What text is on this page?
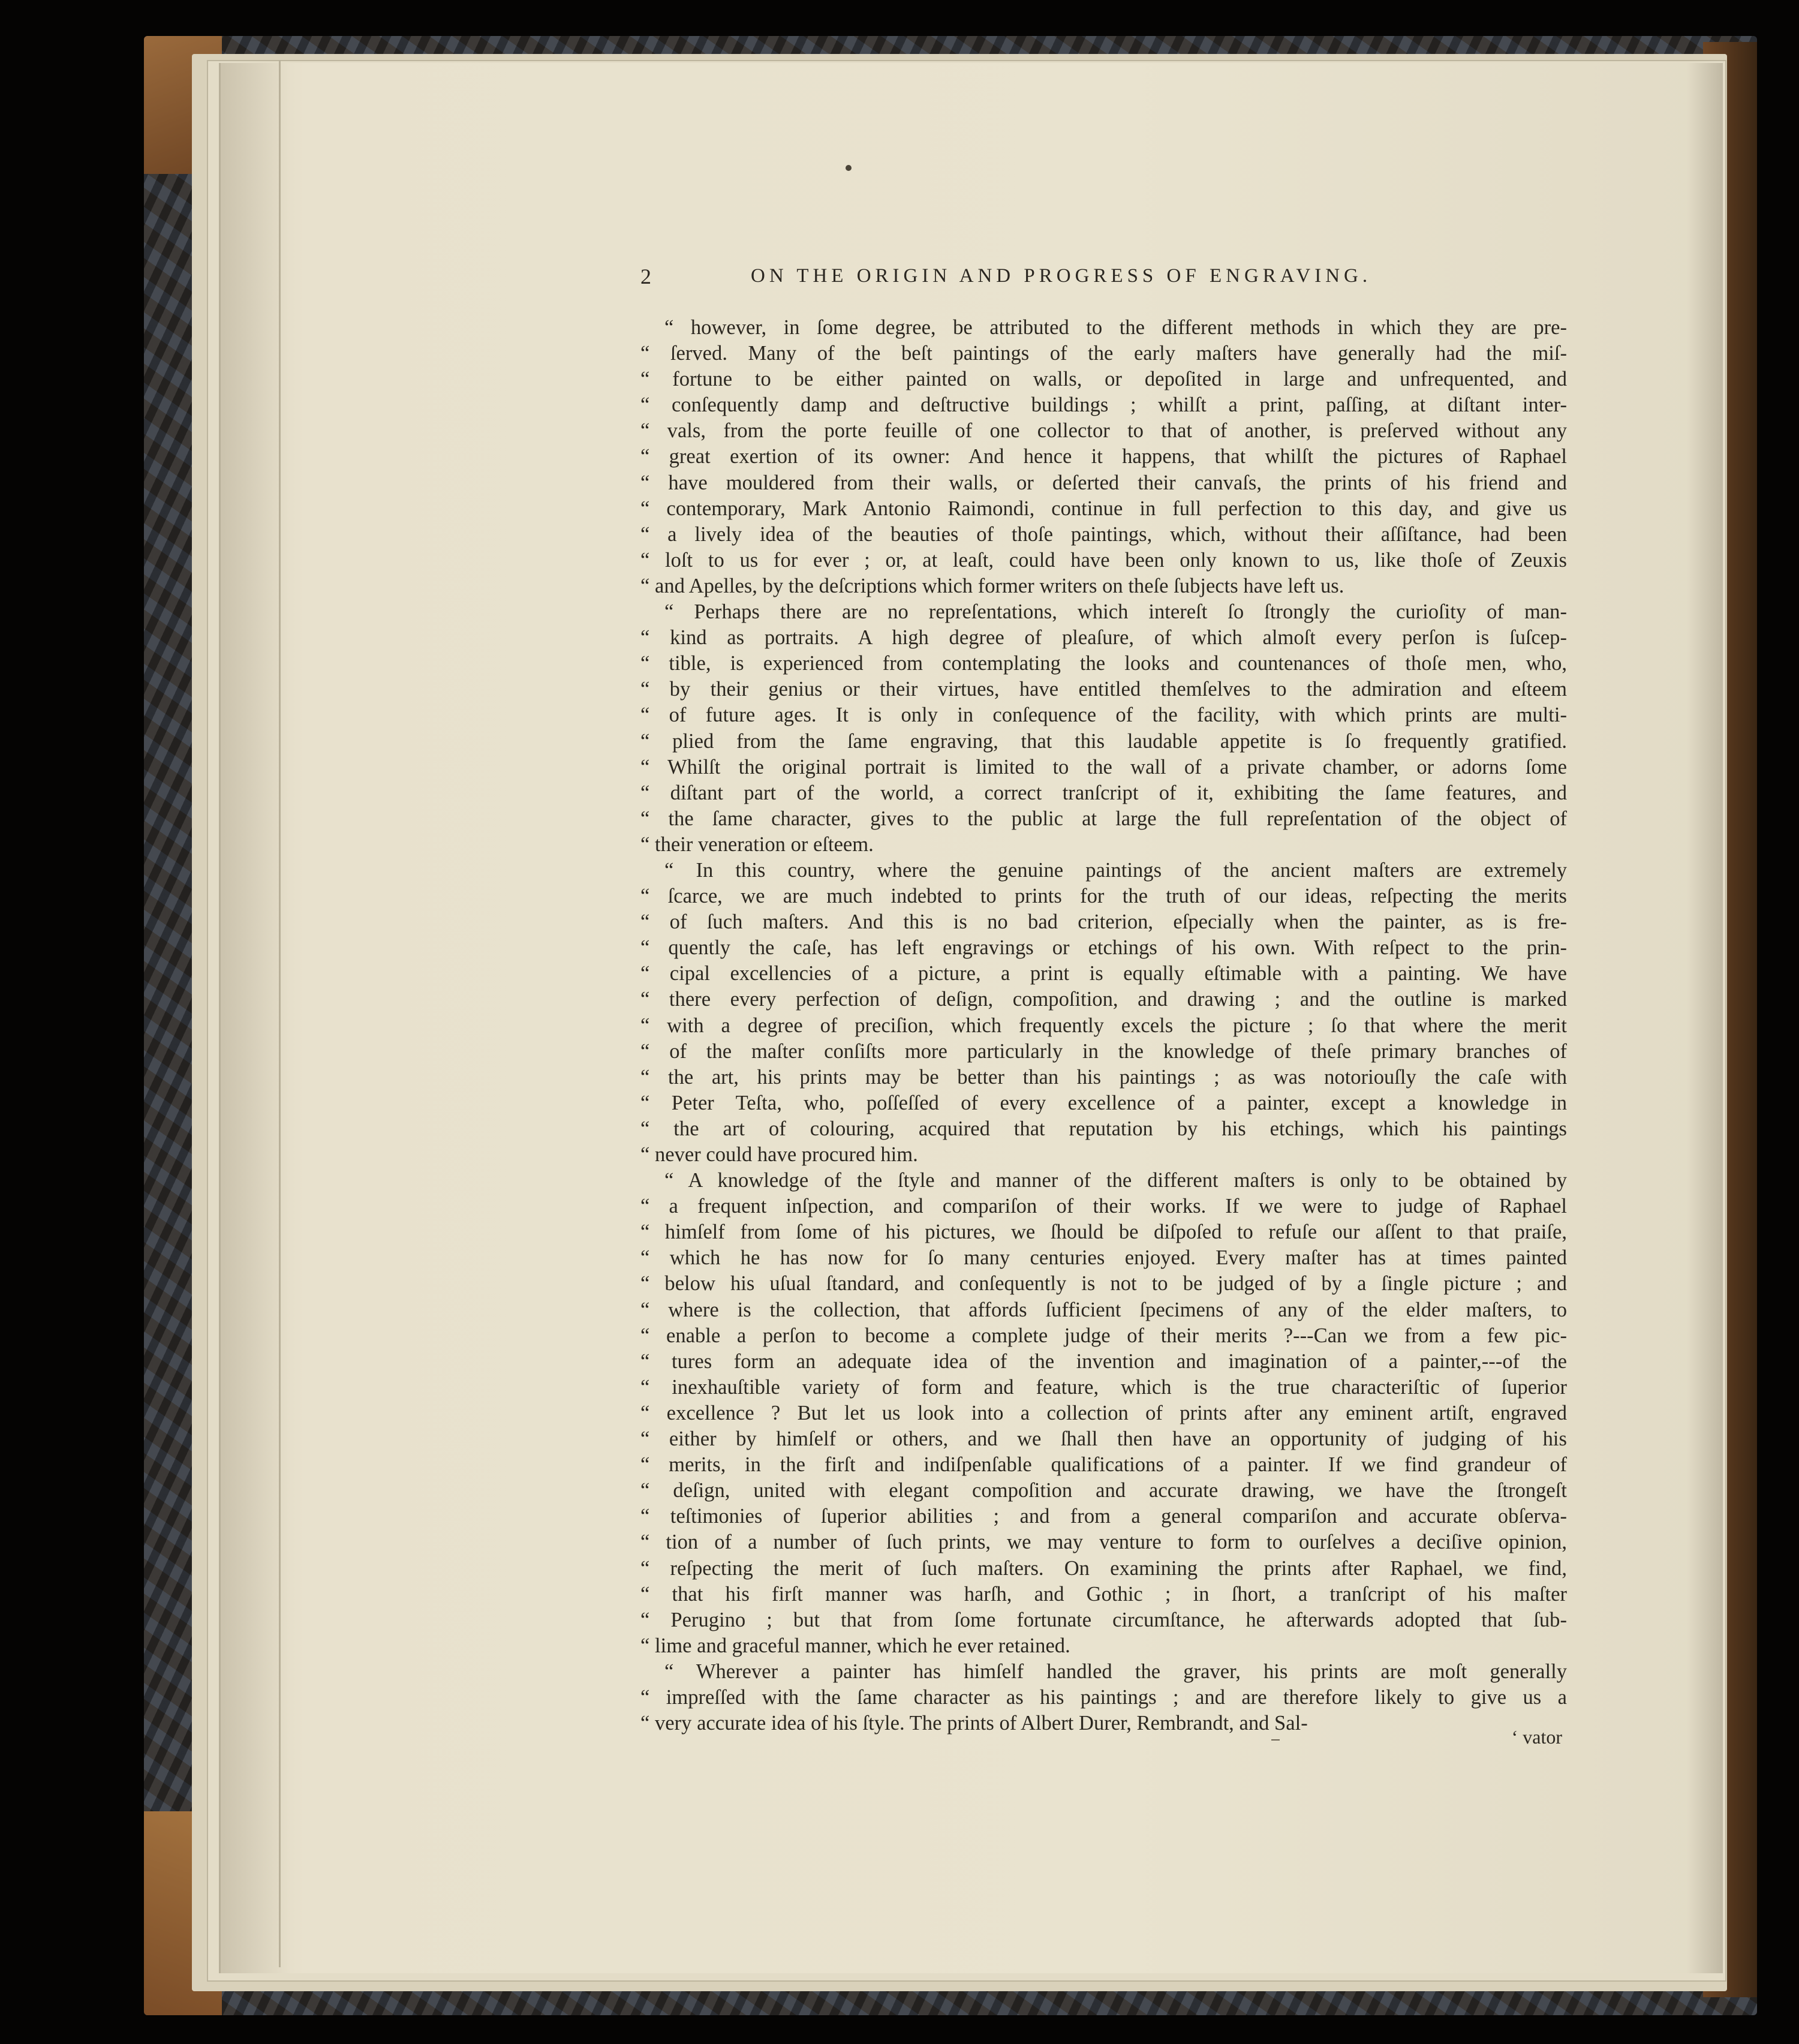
2	ON THE ORIGIN AND PROGRESS OF ENGRAVING.
“ however, in ſome degree, be attributed to the different methods in which they are pre-
“ ſerved. Many of the beſt paintings of the early maſters have generally had the miſ-
“ fortune to be either painted on walls, or depoſited in large and unfrequented, and
“ conſequently damp and deſtructive buildings ; whilſt a print, paſſing, at diſtant inter-
“ vals, from the porte feuille of one collector to that of another, is preſerved without any
“ great exertion of its owner: And hence it happens, that whilſt the pictures of Raphael
“ have mouldered from their walls, or deſerted their canvaſs, the prints of his friend and
“ contemporary, Mark Antonio Raimondi, continue in full perfection to this day, and give us
“ a lively idea of the beauties of thoſe paintings, which, without their aſſiſtance, had been
“ loſt to us for ever ; or, at leaſt, could have been only known to us, like thoſe of Zeuxis
“ and Apelles, by the deſcriptions which former writers on theſe ſubjects have left us.
“ Perhaps there are no repreſentations, which intereſt ſo ſtrongly the curioſity of man-
“ kind as portraits. A high degree of pleaſure, of which almoſt every perſon is ſuſcep-
“ tible, is experienced from contemplating the looks and countenances of thoſe men, who,
“ by their genius or their virtues, have entitled themſelves to the admiration and eſteem
“ of future ages. It is only in conſequence of the facility, with which prints are multi-
“ plied from the ſame engraving, that this laudable appetite is ſo frequently gratified.
“ Whilſt the original portrait is limited to the wall of a private chamber, or adorns ſome
“ diſtant part of the world, a correct tranſcript of it, exhibiting the ſame features, and
“ the ſame character, gives to the public at large the full repreſentation of the object of
“ their veneration or eſteem.
“ In this country, where the genuine paintings of the ancient maſters are extremely
“ ſcarce, we are much indebted to prints for the truth of our ideas, reſpecting the merits
“ of ſuch maſters. And this is no bad criterion, eſpecially when the painter, as is fre-
“ quently the caſe, has left engravings or etchings of his own. With reſpect to the prin-
“ cipal excellencies of a picture, a print is equally eſtimable with a painting. We have
“ there every perfection of deſign, compoſition, and drawing ; and the outline is marked
“ with a degree of preciſion, which frequently excels the picture ; ſo that where the merit
“ of the maſter conſiſts more particularly in the knowledge of theſe primary branches of
“ the art, his prints may be better than his paintings ; as was notoriouſly the caſe with
“ Peter Teſta, who, poſſeſſed of every excellence of a painter, except a knowledge in
“ the art of colouring, acquired that reputation by his etchings, which his paintings
“ never could have procured him.
“ A knowledge of the ſtyle and manner of the different maſters is only to be obtained by
“ a frequent inſpection, and compariſon of their works. If we were to judge of Raphael
“ himſelf from ſome of his pictures, we ſhould be diſpoſed to refuſe our aſſent to that praiſe,
“ which he has now for ſo many centuries enjoyed. Every maſter has at times painted
“ below his uſual ſtandard, and conſequently is not to be judged of by a ſingle picture ; and
“ where is the collection, that affords ſufficient ſpecimens of any of the elder maſters, to
“ enable a perſon to become a complete judge of their merits ?---Can we from a few pic-
“ tures form an adequate idea of the invention and imagination of a painter,---of the
“ inexhauſtible variety of form and feature, which is the true characteriſtic of ſuperior
“ excellence ? But let us look into a collection of prints after any eminent artiſt, engraved
“ either by himſelf or others, and we ſhall then have an opportunity of judging of his
“ merits, in the firſt and indiſpenſable qualifications of a painter. If we find grandeur of
“ deſign, united with elegant compoſition and accurate drawing, we have the ſtrongeſt
“ teſtimonies of ſuperior abilities ; and from a general compariſon and accurate obſerva-
“ tion of a number of ſuch prints, we may venture to form to ourſelves a deciſive opinion,
“ reſpecting the merit of ſuch maſters. On examining the prints after Raphael, we find,
“ that his firſt manner was harſh, and Gothic ; in ſhort, a tranſcript of his maſter
“ Perugino ; but that from ſome fortunate circumſtance, he afterwards adopted that ſub-
“ lime and graceful manner, which he ever retained.
“ Wherever a painter has himſelf handled the graver, his prints are moſt generally
“ impreſſed with the ſame character as his paintings ; and are therefore likely to give us a
“ very accurate idea of his ſtyle. The prints of Albert Durer, Rembrandt, and Sal-
‘ vator
